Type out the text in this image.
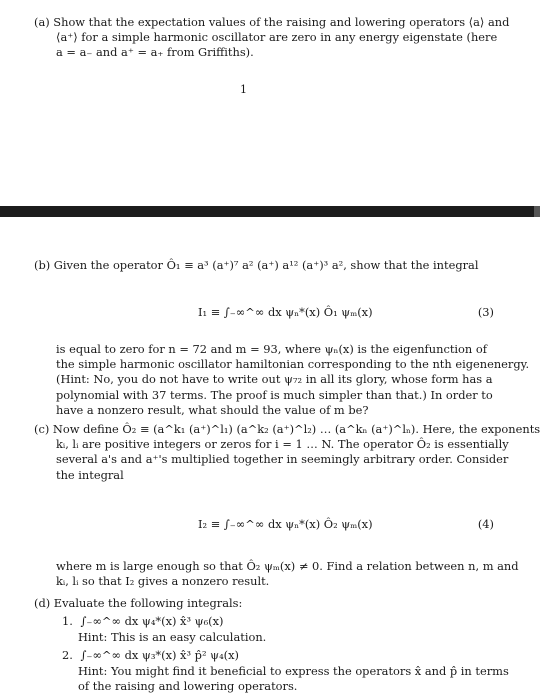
(a) Show that the expectation values of the raising and lowering operators ⟨a⟩ and
⟨a⁺⟩ for a simple harmonic oscillator are zero in any energy eigenstate (here
a = a₋ and a⁺ = a₊ from Griffiths).
1
(b) Given the operator Ô₁ ≡ a³ (a⁺)⁷ a² (a⁺) a¹² (a⁺)³ a², show that the integral
I₁ ≡ ∫₋∞^∞ dx ψₙ*(x) Ô₁ ψₘ(x)	(3)
is equal to zero for n = 72 and m = 93, where ψₙ(x) is the eigenfunction of
the simple harmonic oscillator hamiltonian corresponding to the nth eigenenergy.
(Hint: No, you do not have to write out ψ₇₂ in all its glory, whose form has a
polynomial with 37 terms. The proof is much simpler than that.) In order to
have a nonzero result, what should the value of m be?
(c) Now define Ô₂ ≡ (a^k₁ (a⁺)^l₁) (a^k₂ (a⁺)^l₂) … (a^kₙ (a⁺)^lₙ). Here, the exponents
kᵢ, lᵢ are positive integers or zeros for i = 1 … N. The operator Ô₂ is essentially
several a's and a⁺'s multiplied together in seemingly arbitrary order. Consider
the integral
I₂ ≡ ∫₋∞^∞ dx ψₙ*(x) Ô₂ ψₘ(x)	(4)
where m is large enough so that Ô₂ ψₘ(x) ≠ 0. Find a relation between n, m and
kᵢ, lᵢ so that I₂ gives a nonzero result.
(d) Evaluate the following integrals:
1. ∫₋∞^∞ dx ψ₄*(x) x̂³ ψ₆(x)
Hint: This is an easy calculation.
2. ∫₋∞^∞ dx ψ₃*(x) x̂³ p̂² ψ₄(x)
Hint: You might find it beneficial to express the operators x̂ and p̂ in terms
of the raising and lowering operators.
